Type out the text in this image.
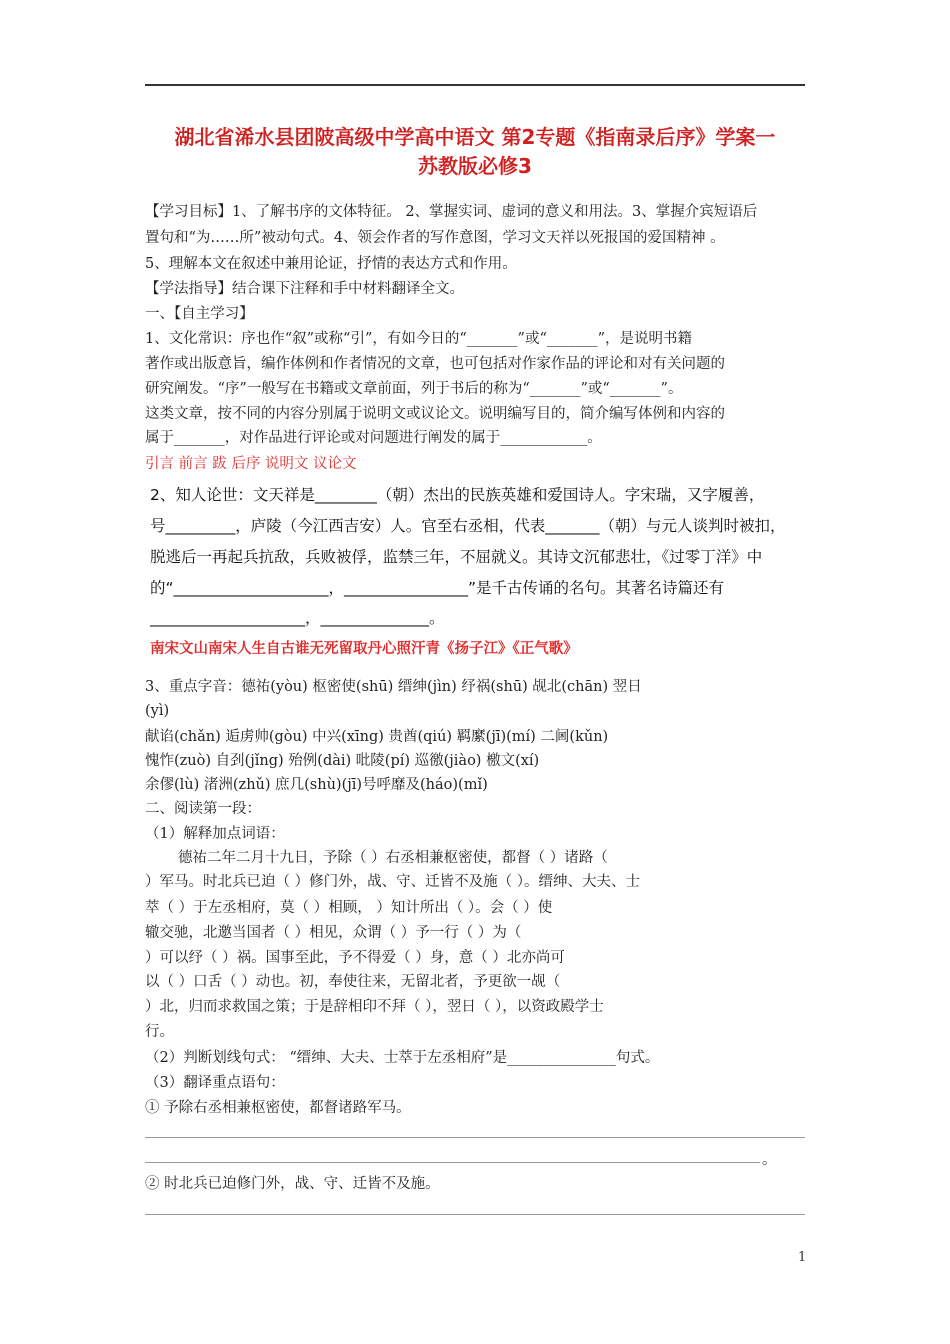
湖北省浠水县团陂高级中学高中语文 第2专题《指南录后序》学案一
苏教版必修3
【学习目标】1、了解书序的文体特征。 2、掌握实词、虚词的意义和用法。3、掌握介宾短语后
置句和“为……所”被动句式。4、领会作者的写作意图，学习文天祥以死报国的爱国精神 。
5、理解本文在叙述中兼用论证，抒情的表达方式和作用。
【学法指导】结合课下注释和手中材料翻译全文。
一、【自主学习】
1、文化常识：序也作“叙”或称“引”，有如今日的“_______”或“_______”，是说明书籍
著作或出版意旨，编作体例和作者情况的文章，也可包括对作家作品的评论和对有关问题的
研究阐发。“序”一般写在书籍或文章前面，列于书后的称为“_______”或“_______”。
这类文章，按不同的内容分别属于说明文或议论文。说明编写目的，简介编写体例和内容的
属于_______，对作品进行评论或对问题进行阐发的属于____________。
引言 前言 跋 后序 说明文 议论文
2、知人论世：文天祥是________（朝）杰出的民族英雄和爱国诗人。字宋瑞，又字履善，
号_________，庐陵（今江西吉安）人。官至右丞相，代表_______（朝）与元人谈判时被扣，
脱逃后一再起兵抗敌，兵败被俘，监禁三年，不屈就义。其诗文沉郁悲壮，《过零丁洋》中
的“____________________，________________”是千古传诵的名句。其著名诗篇还有
____________________，______________。
南宋文山南宋人生自古谁无死留取丹心照汗青《扬子江》《正气歌》
3、重点字音：德祐(yòu) 枢密使(shū) 缙绅(jìn) 纾祸(shū) 觇北(chān) 翌日
(yì)
献谄(chǎn) 逅虏帅(gòu) 中兴(xīng) 贵酋(qiú) 羁縻(jī)(mí) 二阃(kǔn)
愧怍(zuò) 自刭(jǐng) 殆例(dài) 吡陵(pí) 巡徼(jiào) 檄文(xí)
余僇(lù) 渚洲(zhǔ) 庶几(shù)(jī)号呼靡及(háo)(mǐ)
二、阅读第一段：
（1）解释加点词语：
德祐二年二月十九日，予除（ ）右丞相兼枢密使，都督（ ）诸路（
）军马。时北兵已迫（ ）修门外，战、守、迁皆不及施（ ）。缙绅、大夫、士
萃（ ）于左丞相府，莫（ ）相顾， ）知计所出（ ）。会（ ）使
辙交驰，北邀当国者（ ）相见，众谓（ ）予一行（ ）为（
）可以纾（ ）祸。国事至此，予不得爱（ ）身，意（ ）北亦尚可
以（ ）口舌（ ）动也。初，奉使往来，无留北者，予更欲一觇（
）北，归而求救国之策；于是辞相印不拜（ ），翌日（ ），以资政殿学士
行。
（2）判断划线句式： “缙绅、大夫、士萃于左丞相府”是_______________句式。
（3）翻译重点语句：
① 予除右丞相兼枢密使，都督诸路军马。
。
② 时北兵已迫修门外，战、守、迁皆不及施。
1
